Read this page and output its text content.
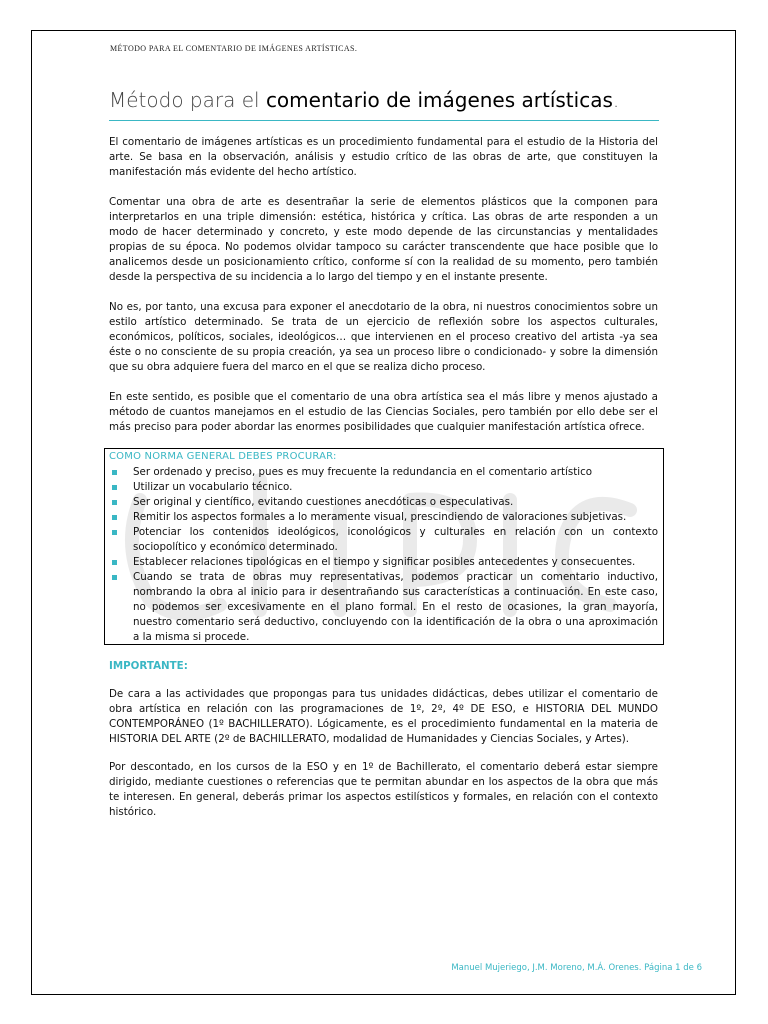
MÉTODO PARA EL COMENTARIO DE IMÁGENES ARTÍSTICAS.
Método para el comentario de imágenes artísticas.

El comentario de imágenes artísticas es un procedimiento fundamental para el estudio de la Historia del arte. Se basa en la observación, análisis y estudio crítico de las obras de arte, que constituyen la manifestación más evidente del hecho artístico.

Comentar una obra de arte es desentrañar la serie de elementos plásticos que la componen para interpretarlos en una triple dimensión: estética, histórica y crítica. Las obras de arte responden a un modo de hacer determinado y concreto, y este modo depende de las circunstancias y mentalidades propias de su época. No podemos olvidar tampoco su carácter transcendente que hace posible que lo analicemos desde un posicionamiento crítico, conforme sí con la realidad de su momento, pero también desde la perspectiva de su incidencia a lo largo del tiempo y en el instante presente.

No es, por tanto, una excusa para exponer el anecdotario de la obra, ni nuestros conocimientos sobre un estilo artístico determinado. Se trata de un ejercicio de reflexión sobre los aspectos culturales, económicos, políticos, sociales, ideológicos… que intervienen en el proceso creativo del artista -ya sea éste o no consciente de su propia creación, ya sea un proceso libre o condicionado- y sobre la dimensión que su obra adquiere fuera del marco en el que se realiza dicho proceso.

En este sentido, es posible que el comentario de una obra artística sea el más libre y menos ajustado a método de cuantos manejamos en el estudio de las Ciencias Sociales, pero también por ello debe ser el más preciso para poder abordar las enormes posibilidades que cualquier manifestación artística ofrece.

COMO NORMA GENERAL DEBES PROCURAR:
Ser ordenado y preciso, pues es muy frecuente la redundancia en el comentario artístico
Utilizar un vocabulario técnico.
Ser original y científico, evitando cuestiones anecdóticas o especulativas.
Remitir los aspectos formales a lo meramente visual, prescindiendo de valoraciones subjetivas.
Potenciar los contenidos ideológicos, iconológicos y culturales en relación con un contexto sociopolítico y económico determinado.
Establecer relaciones tipológicas en el tiempo y significar posibles antecedentes y consecuentes.
Cuando se trata de obras muy representativas, podemos practicar un comentario inductivo, nombrando la obra al inicio para ir desentrañando sus características a continuación. En este caso, no podemos ser excesivamente en el plano formal. En el resto de ocasiones, la gran mayoría, nuestro comentario será deductivo, concluyendo con la identificación de la obra o una aproximación a la misma si procede.
IMPORTANTE:

De cara a las actividades que propongas para tus unidades didácticas, debes utilizar el comentario de obra artística en relación con las programaciones de 1º, 2º, 4º DE ESO, e HISTORIA DEL MUNDO CONTEMPORÁNEO (1º BACHILLERATO). Lógicamente, es el procedimiento fundamental en la materia de HISTORIA DEL ARTE (2º de BACHILLERATO, modalidad de Humanidades y Ciencias Sociales, y Artes).

Por descontado, en los cursos de la ESO y en 1º de Bachillerato, el comentario deberá estar siempre dirigido, mediante cuestiones o referencias que te permitan abundar en los aspectos de la obra que más te interesen. En general, deberás primar los aspectos estilísticos y formales, en relación con el contexto histórico.

Manuel Mujeriego, J.M. Moreno, M.Á. Orenes. Página 1 de 6
